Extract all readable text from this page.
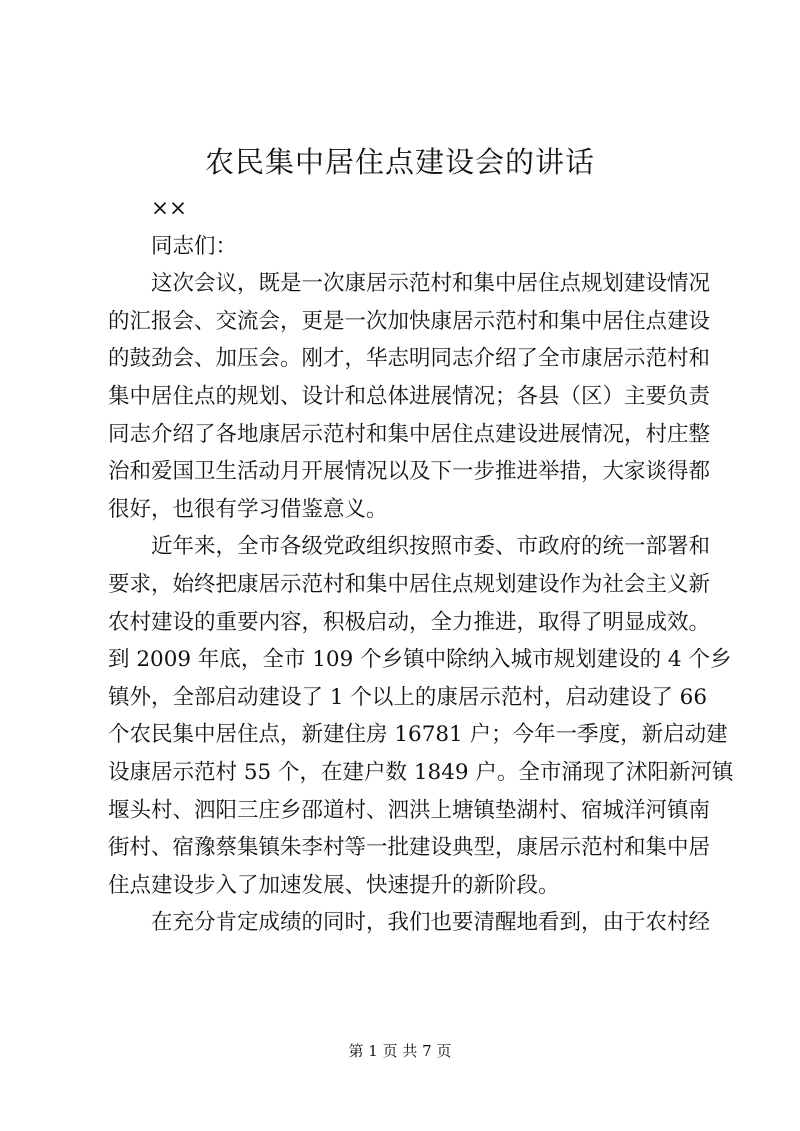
农民集中居住点建设会的讲话
××
同志们：
这次会议，既是一次康居示范村和集中居住点规划建设情况
的汇报会、交流会，更是一次加快康居示范村和集中居住点建设
的鼓劲会、加压会。刚才，华志明同志介绍了全市康居示范村和
集中居住点的规划、设计和总体进展情况；各县（区）主要负责
同志介绍了各地康居示范村和集中居住点建设进展情况，村庄整
治和爱国卫生活动月开展情况以及下一步推进举措，大家谈得都
很好，也很有学习借鉴意义。
近年来，全市各级党政组织按照市委、市政府的统一部署和
要求，始终把康居示范村和集中居住点规划建设作为社会主义新
农村建设的重要内容，积极启动，全力推进，取得了明显成效。
到 2009 年底，全市 109 个乡镇中除纳入城市规划建设的 4 个乡
镇外，全部启动建设了 1 个以上的康居示范村，启动建设了 66
个农民集中居住点，新建住房 16781 户；今年一季度，新启动建
设康居示范村 55 个，在建户数 1849 户。全市涌现了沭阳新河镇
堰头村、泗阳三庄乡邵道村、泗洪上塘镇垫湖村、宿城洋河镇南
街村、宿豫蔡集镇朱李村等一批建设典型，康居示范村和集中居
住点建设步入了加速发展、快速提升的新阶段。
在充分肯定成绩的同时，我们也要清醒地看到，由于农村经
第 1 页 共 7 页
